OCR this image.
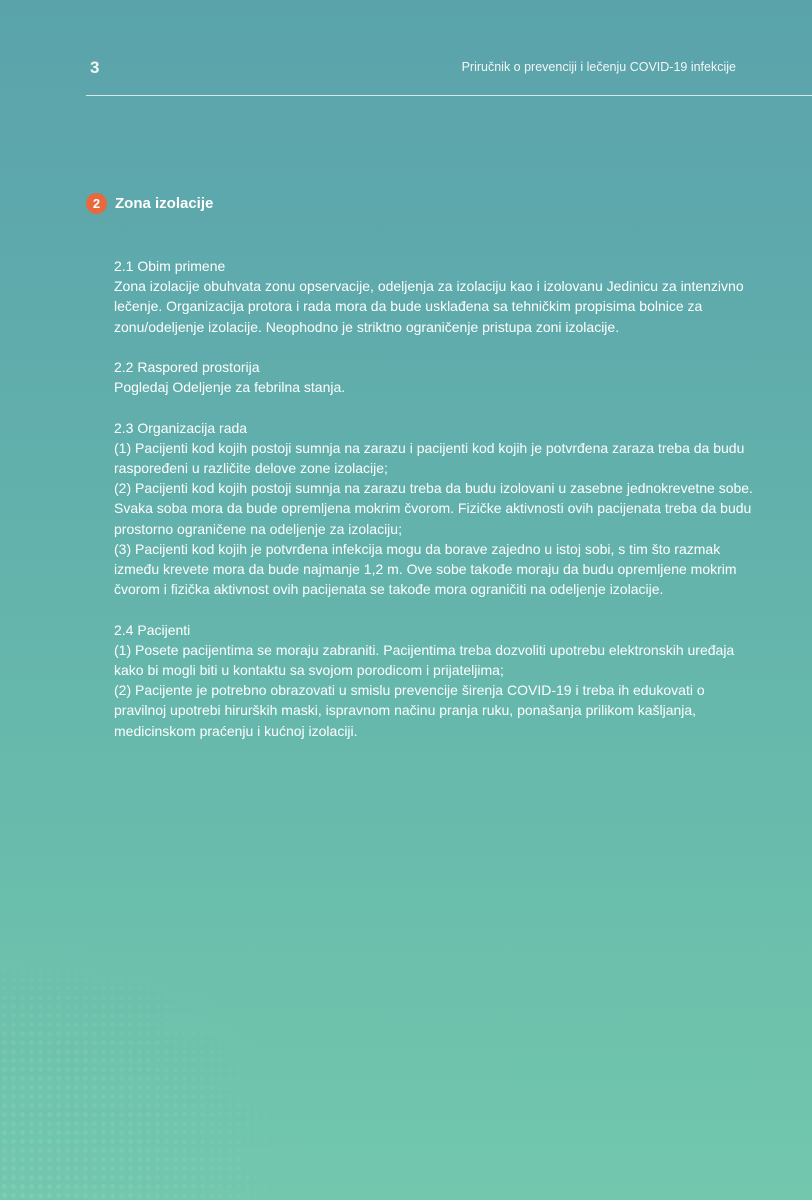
3	Priručnik o prevenciji i lečenju COVID-19 infekcije
2 Zona izolacije

2.1 Obim primene

Zona izolacije obuhvata zonu opservacije, odeljenja za izolaciju kao i izolovanu Jedinicu za intenzivno lečenje. Organizacija protora i rada mora da bude usklađena sa tehničkim propisima bolnice za zonu/odeljenje izolacije. Neophodno je striktno ograničenje pristupa zoni izolacije.

2.2 Raspored prostorija

Pogledaj Odeljenje za febrilna stanja.

2.3 Organizacija rada

(1) Pacijenti kod kojih postoji sumnja na zarazu i pacijenti kod kojih je potvrđena zaraza treba da budu raspoređeni u različite delove zone izolacije;

(2) Pacijenti kod kojih postoji sumnja na zarazu treba da budu izolovani u zasebne jednokrevetne sobe. Svaka soba mora da bude opremljena mokrim čvorom. Fizičke aktivnosti ovih pacijenata treba da budu prostorno ograničene na odeljenje za izolaciju;

(3) Pacijenti kod kojih je potvrđena infekcija mogu da borave zajedno u istoj sobi, s tim što razmak između krevete mora da bude najmanje 1,2 m. Ove sobe takođe moraju da budu opremljene mokrim čvorom i fizička aktivnost ovih pacijenata se takođe mora ograničiti na odeljenje izolacije.

2.4 Pacijenti

(1) Posete pacijentima se moraju zabraniti. Pacijentima treba dozvoliti upotrebu elektronskih uređaja kako bi mogli biti u kontaktu sa svojom porodicom i prijateljima;

(2) Pacijente je potrebno obrazovati u smislu prevencije širenja COVID-19 i treba ih edukovati o pravilnoj upotrebi hirurških maski, ispravnom načinu pranja ruku, ponašanja prilikom kašljanja, medicinskom praćenju i kućnoj izolaciji.
